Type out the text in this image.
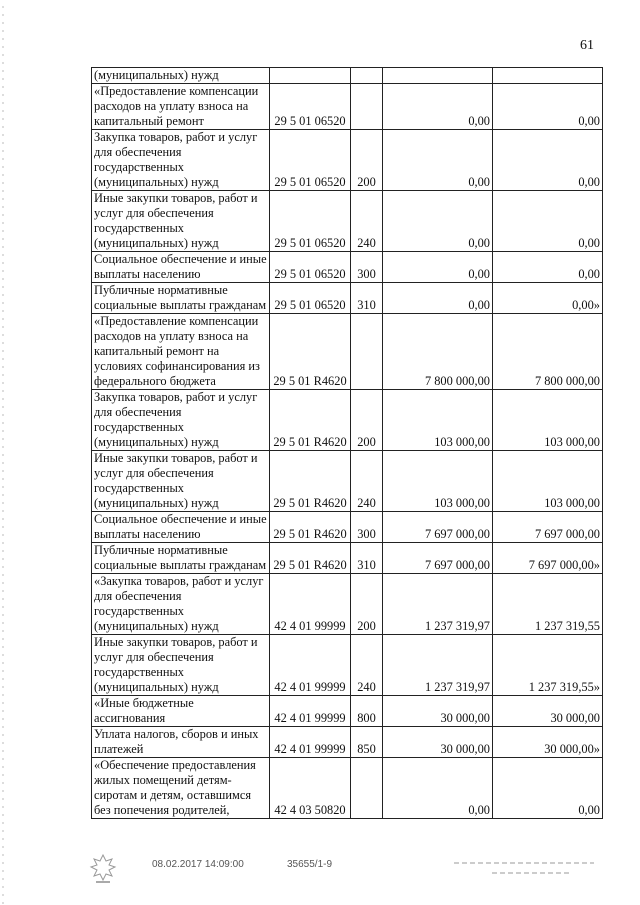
61
(муниципальных) нужд				
«Предоставление компенсации расходов на уплату взноса на капитальный ремонт	29 5 01 06520		0,00	0,00
Закупка товаров, работ и услуг для обеспечения государственных (муниципальных) нужд	29 5 01 06520	200	0,00	0,00
Иные закупки товаров, работ и услуг для обеспечения государственных (муниципальных) нужд	29 5 01 06520	240	0,00	0,00
Социальное обеспечение и иные выплаты населению	29 5 01 06520	300	0,00	0,00
Публичные нормативные социальные выплаты гражданам	29 5 01 06520	310	0,00	0,00»
«Предоставление компенсации расходов на уплату взноса на капитальный ремонт на условиях софинансирования из федерального бюджета	29 5 01 R4620		7 800 000,00	7 800 000,00
Закупка товаров, работ и услуг для обеспечения государственных (муниципальных) нужд	29 5 01 R4620	200	103 000,00	103 000,00
Иные закупки товаров, работ и услуг для обеспечения государственных (муниципальных) нужд	29 5 01 R4620	240	103 000,00	103 000,00
Социальное обеспечение и иные выплаты населению	29 5 01 R4620	300	7 697 000,00	7 697 000,00
Публичные нормативные социальные выплаты гражданам	29 5 01 R4620	310	7 697 000,00	7 697 000,00»
«Закупка товаров, работ и услуг для обеспечения государственных (муниципальных) нужд	42 4 01 99999	200	1 237 319,97	1 237 319,55
Иные закупки товаров, работ и услуг для обеспечения государственных (муниципальных) нужд	42 4 01 99999	240	1 237 319,97	1 237 319,55»
«Иные бюджетные ассигнования	42 4 01 99999	800	30 000,00	30 000,00
Уплата налогов, сборов и иных платежей	42 4 01 99999	850	30 000,00	30 000,00»
«Обеспечение предоставления жилых помещений детям-сиротам и детям, оставшимся без попечения родителей,	42 4 03 50820		0,00	0,00
08.02.2017 14:09:00	35655/1-9
